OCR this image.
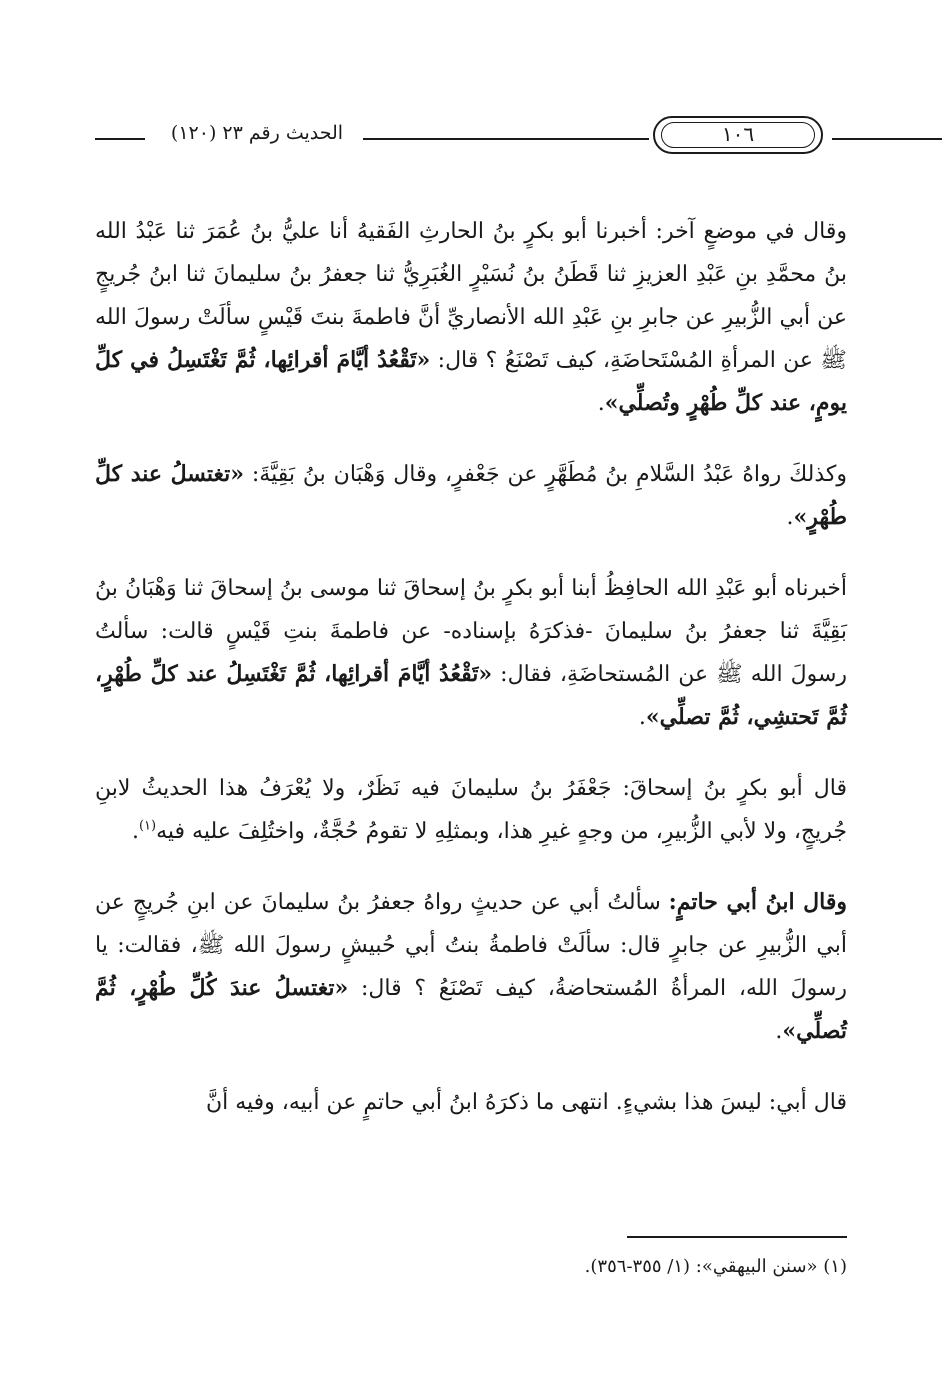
الحديث رقم ٢٣ (١٢٠)	١٠٦

وقال في موضعٍ آخر: أخبرنا أبو بكرٍ بنُ الحارثِ الفَقيهُ أنا عليُّ بنُ عُمَرَ ثنا عَبْدُ الله بنُ محمَّدِ بنِ عَبْدِ العزيزِ ثنا قَطَنُ بنُ نُسَيْرٍ الغُبَرِيُّ ثنا جعفرُ بنُ سليمانَ ثنا ابنُ جُريجٍ عن أبي الزُّبيرِ عن جابرِ بنِ عَبْدِ الله الأنصاريِّ أنَّ فاطمةَ بنتَ قَيْسٍ سألَتْ رسولَ الله ﷺ عن المرأةِ المُسْتَحاضَةِ، كيف تَصْنَعُ ؟ قال: «تَقْعُدُ أيَّامَ أقرائِها، ثُمَّ تَغْتَسِلُ في كلِّ يومٍ، عند كلِّ طُهْرٍ وتُصلِّي».

وكذلكَ رواهُ عَبْدُ السَّلامِ بنُ مُطَهَّرٍ عن جَعْفرٍ، وقال وَهْبَان بنُ بَقِيَّةَ: «تغتسلُ عند كلِّ طُهْرٍ».

أخبرناه أبو عَبْدِ الله الحافِظُ أبنا أبو بكرٍ بنُ إسحاقَ ثنا موسى بنُ إسحاقَ ثنا وَهْبَانُ بنُ بَقِيَّةَ ثنا جعفرُ بنُ سليمانَ -فذكرَهُ بإسناده- عن فاطمةَ بنتِ قَيْسٍ قالت: سألتُ رسولَ الله ﷺ عن المُستحاضَةِ، فقال: «تَقْعُدُ أيَّامَ أقرائِها، ثُمَّ تَغْتَسِلُ عند كلِّ طُهْرٍ، ثُمَّ تَحتشِي، ثُمَّ تصلِّي».

قال أبو بكرٍ بنُ إسحاقَ: جَعْفَرُ بنُ سليمانَ فيه نَظَرٌ، ولا يُعْرَفُ هذا الحديثُ لابنِ جُريجٍ، ولا لأبي الزُّبيرِ، من وجهٍ غيرِ هذا، وبمثلِهِ لا تقومُ حُجَّةٌ، واختُلِفَ عليه فيه$^{(١)}$.

وقال ابنُ أبي حاتمٍ: سألتُ أبي عن حديثٍ رواهُ جعفرُ بنُ سليمانَ عن ابنِ جُريجٍ عن أبي الزُّبيرِ عن جابرٍ قال: سألَتْ فاطمةُ بنتُ أبي حُبيشٍ رسولَ الله ﷺ، فقالت: يا رسولَ الله، المرأةُ المُستحاضةُ، كيف تَصْنَعُ ؟ قال: «تغتسلُ عندَ كُلِّ طُهْرٍ، ثُمَّ تُصلِّي».

قال أبي: ليسَ هذا بشيءٍ. انتهى ما ذكرَهُ ابنُ أبي حاتمٍ عن أبيه، وفيه أنَّ

(١) «سنن البيهقي»: (١/ ٣٥٥-٣٥٦).
